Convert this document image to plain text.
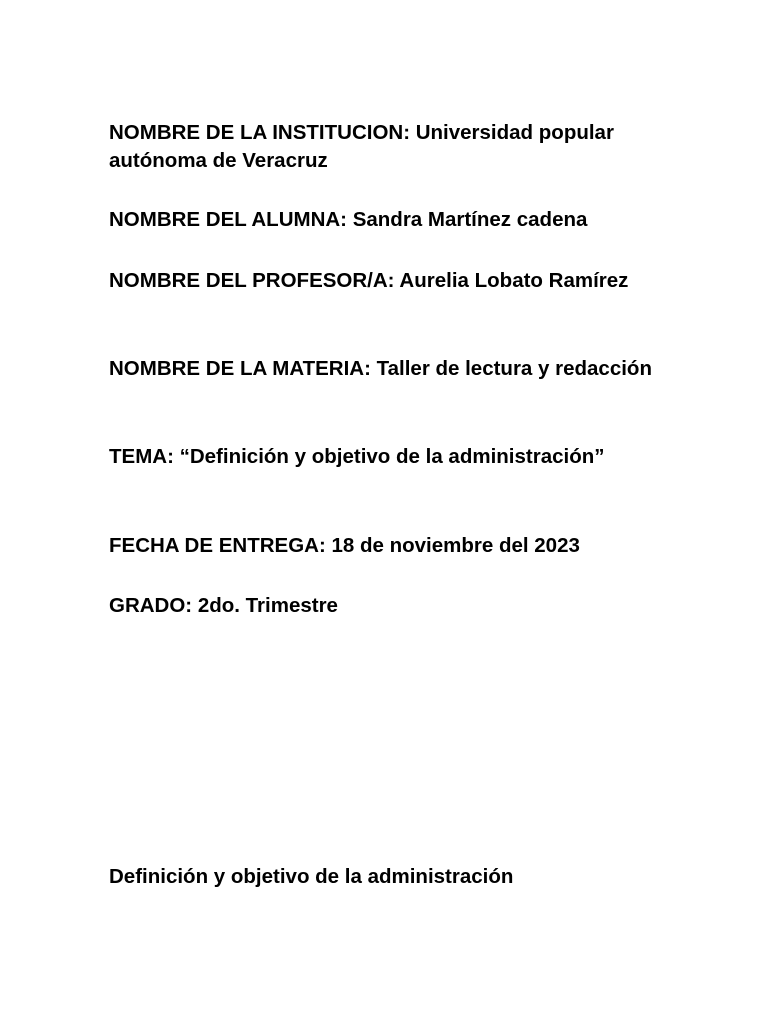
NOMBRE DE LA INSTITUCION: Universidad popular autónoma de Veracruz

NOMBRE DEL ALUMNA: Sandra Martínez cadena

NOMBRE DEL PROFESOR/A: Aurelia Lobato Ramírez

NOMBRE DE LA MATERIA: Taller de lectura y redacción

TEMA: “Definición y objetivo de la administración”

FECHA DE ENTREGA: 18 de noviembre del 2023

GRADO: 2do. Trimestre

Definición y objetivo de la administración
